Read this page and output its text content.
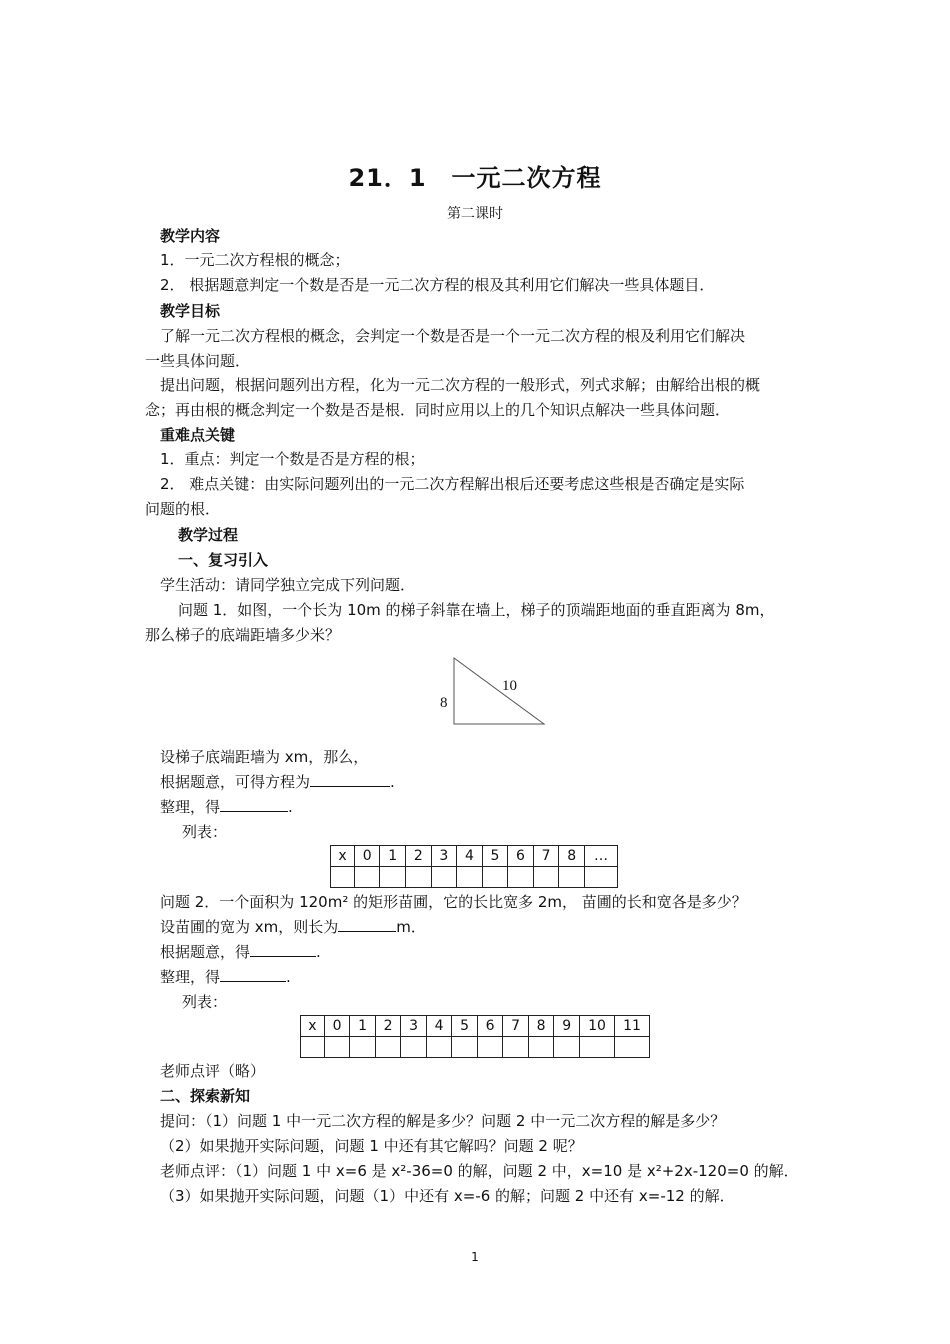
21．1　一元二次方程
第二课时
教学内容
1．一元二次方程根的概念；
2． 根据题意判定一个数是否是一元二次方程的根及其利用它们解决一些具体题目．
教学目标
了解一元二次方程根的概念，会判定一个数是否是一个一元二次方程的根及利用它们解决
一些具体问题．
提出问题，根据问题列出方程，化为一元二次方程的一般形式，列式求解；由解给出根的概
念；再由根的概念判定一个数是否是根．同时应用以上的几个知识点解决一些具体问题．
重难点关键
1．重点：判定一个数是否是方程的根；
2． 难点关键：由实际问题列出的一元二次方程解出根后还要考虑这些根是否确定是实际
问题的根．
教学过程
一、复习引入
学生活动：请同学独立完成下列问题．
问题 1．如图，一个长为 10m 的梯子斜靠在墙上，梯子的顶端距地面的垂直距离为 8m，
那么梯子的底端距墙多少米？
10
8
设梯子底端距墙为 xm，那么，
根据题意，可得方程为	.
整理，得	.
列表：
x	0	1	2	3	4	5	6	7	8	…

问题 2．一个面积为 120m² 的矩形苗圃，它的长比宽多 2m， 苗圃的长和宽各是多少？
设苗圃的宽为 xm，则长为	m．
根据题意，得	.
整理，得	.
列表：
x	0	1	2	3	4	5	6	7	8	9	10	11

老师点评（略）
二、探索新知
提问：（1）问题 1 中一元二次方程的解是多少？问题 2 中一元二次方程的解是多少？
（2）如果抛开实际问题，问题 1 中还有其它解吗？问题 2 呢？
老师点评：（1）问题 1 中 x=6 是 x²-36=0 的解，问题 2 中，x=10 是 x²+2x-120=0 的解．
（3）如果抛开实际问题，问题（1）中还有 x=-6 的解；问题 2 中还有 x=-12 的解．
1
